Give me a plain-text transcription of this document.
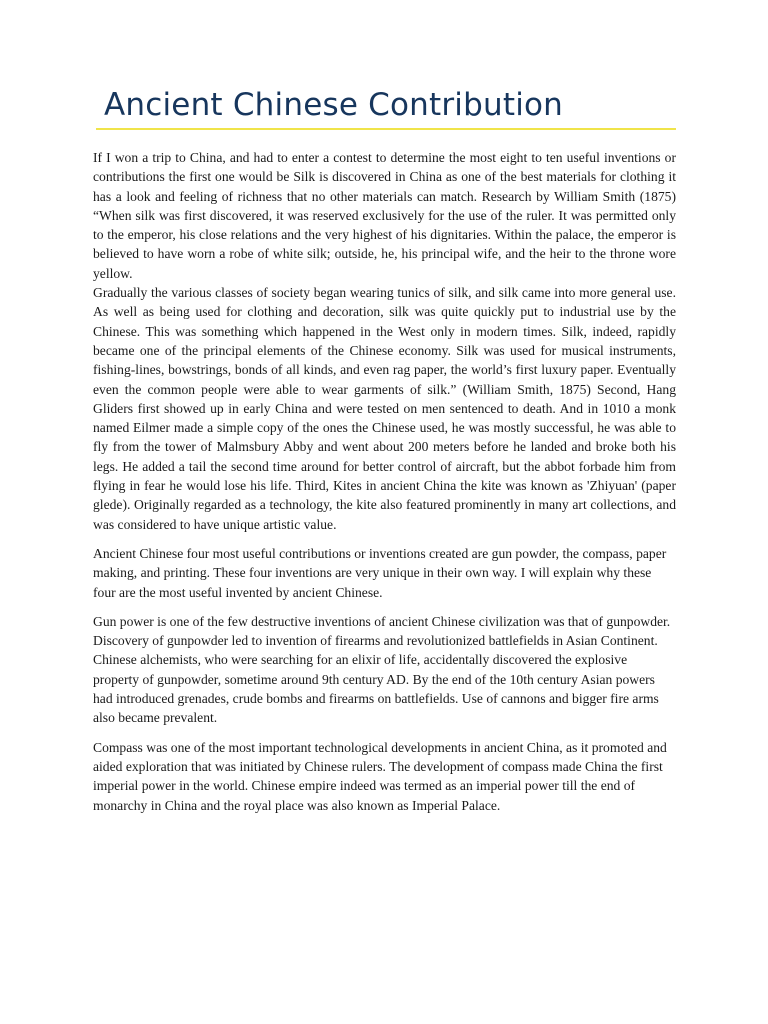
Ancient Chinese Contribution

If I won a trip to China, and had to enter a contest to determine the most eight to ten useful inventions or contributions the first one would be Silk is discovered in China as one of the best materials for clothing it has a look and feeling of richness that no other materials can match. Research by William Smith (1875) “When silk was first discovered, it was reserved exclusively for the use of the ruler. It was permitted only to the emperor, his close relations and the very highest of his dignitaries. Within the palace, the emperor is believed to have worn a robe of white silk; outside, he, his principal wife, and the heir to the throne wore yellow.

Gradually the various classes of society began wearing tunics of silk, and silk came into more general use. As well as being used for clothing and decoration, silk was quite quickly put to industrial use by the Chinese. This was something which happened in the West only in modern times. Silk, indeed, rapidly became one of the principal elements of the Chinese economy. Silk was used for musical instruments, fishing-lines, bowstrings, bonds of all kinds, and even rag paper, the world’s first luxury paper. Eventually even the common people were able to wear garments of silk.” (William Smith, 1875) Second, Hang Gliders first showed up in early China and were tested on men sentenced to death. And in 1010 a monk named Eilmer made a simple copy of the ones the Chinese used, he was mostly successful, he was able to fly from the tower of Malmsbury Abby and went about 200 meters before he landed and broke both his legs. He added a tail the second time around for better control of aircraft, but the abbot forbade him from flying in fear he would lose his life. Third, Kites in ancient China the kite was known as 'Zhiyuan' (paper glede). Originally regarded as a technology, the kite also featured prominently in many art collections, and was considered to have unique artistic value.

Ancient Chinese four most useful contributions or inventions created are gun powder, the compass, paper making, and printing. These four inventions are very unique in their own way. I will explain why these four are the most useful invented by ancient Chinese.

Gun power is one of the few destructive inventions of ancient Chinese civilization was that of gunpowder. Discovery of gunpowder led to invention of firearms and revolutionized battlefields in Asian Continent. Chinese alchemists, who were searching for an elixir of life, accidentally discovered the explosive property of gunpowder, sometime around 9th century AD. By the end of the 10th century Asian powers had introduced grenades, crude bombs and firearms on battlefields. Use of cannons and bigger fire arms also became prevalent.

Compass was one of the most important technological developments in ancient China, as it promoted and aided exploration that was initiated by Chinese rulers. The development of compass made China the first imperial power in the world. Chinese empire indeed was termed as an imperial power till the end of monarchy in China and the royal place was also known as Imperial Palace.
